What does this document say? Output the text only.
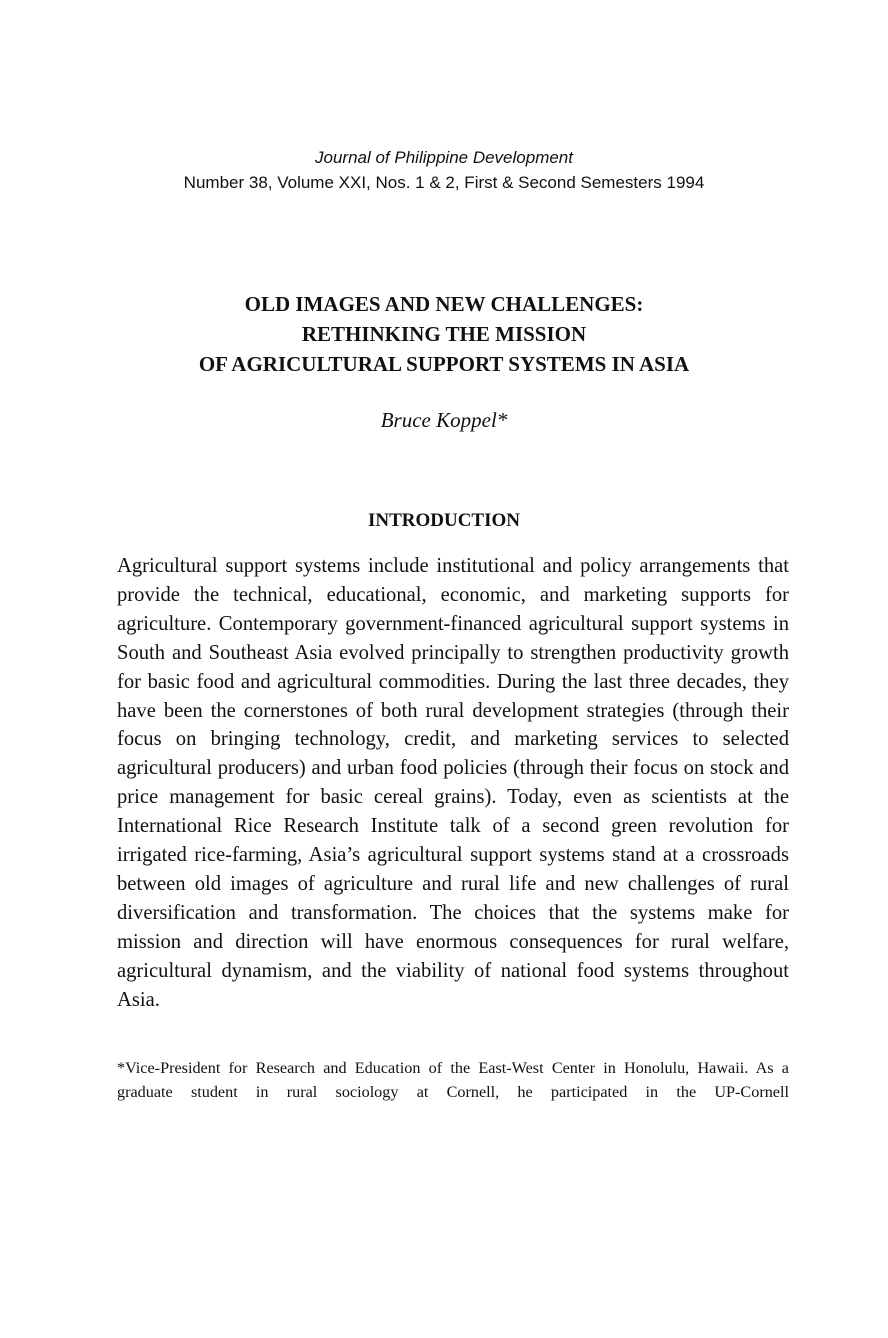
Journal of Philippine Development
Number 38, Volume XXI, Nos. 1 & 2, First & Second Semesters 1994
OLD IMAGES AND NEW CHALLENGES:
RETHINKING THE MISSION
OF AGRICULTURAL SUPPORT SYSTEMS IN ASIA
Bruce Koppel*
INTRODUCTION

Agricultural support systems include institutional and policy arrangements that provide the technical, educational, economic, and marketing supports for agriculture. Contemporary government-financed agricultural support systems in South and Southeast Asia evolved principally to strengthen productivity growth for basic food and agricultural commodities. During the last three decades, they have been the cornerstones of both rural development strategies (through their focus on bringing technology, credit, and marketing services to selected agricultural producers) and urban food policies (through their focus on stock and price management for basic cereal grains). Today, even as scientists at the International Rice Research Institute talk of a second green revolution for irrigated rice-farming, Asia’s agricultural support systems stand at a crossroads between old images of agriculture and rural life and new challenges of rural diversification and transformation. The choices that the systems make for mission and direction will have enormous consequences for rural welfare, agricultural dynamism, and the viability of national food systems throughout Asia.

*Vice-President for Research and Education of the East-West Center in Honolulu, Hawaii. As a graduate student in rural sociology at Cornell, he participated in the UP-Cornell
